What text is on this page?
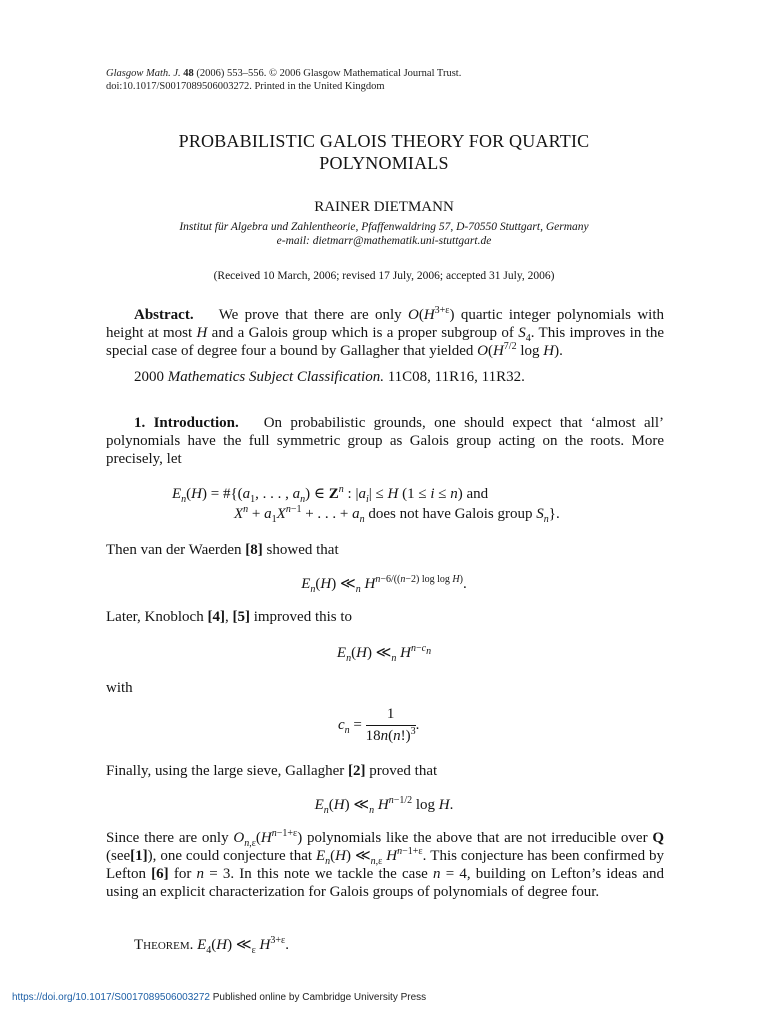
Glasgow Math. J. 48 (2006) 553–556. © 2006 Glasgow Mathematical Journal Trust.
doi:10.1017/S0017089506003272. Printed in the United Kingdom
PROBABILISTIC GALOIS THEORY FOR QUARTIC
POLYNOMIALS
RAINER DIETMANN
Institut für Algebra und Zahlentheorie, Pfaffenwaldring 57, D-70550 Stuttgart, Germany
e-mail: dietmarr@mathematik.uni-stuttgart.de
(Received 10 March, 2006; revised 17 July, 2006; accepted 31 July, 2006)
Abstract. We prove that there are only $O(H^{3+\varepsilon})$ quartic integer polynomials with height at most H and a Galois group which is a proper subgroup of $S_4$. This improves in the special case of degree four a bound by Gallagher that yielded $O(H^{7/2}$ log H).
2000 Mathematics Subject Classification. 11C08, 11R16, 11R32.
1. Introduction. On probabilistic grounds, one should expect that ‘almost all’ polynomials have the full symmetric group as Galois group acting on the roots. More precisely, let
$E_n(H)$ = $\#\{(a_1$, . . . , $a_n$) ∈ $Z^n$ : $|a_i| \le H$ (1 ≤ i ≤ n) and
$X^n + a_1X^{n-1}$ + . . . + $a_n$ does not have Galois group $S_n$}.
Then van der Waerden [8] showed that
$E_n(H)$ $≪_n$ $H^{n-6/((n-2) log log H)}$.
Later, Knobloch [4], [5] improved this to
$E_n(H)$ $≪_n$ $H^{n-c_n}$
with
$c_n = \frac{1}{18n(n!)^3}$ .
Finally, using the large sieve, Gallagher [2] proved that
$E_n(H)$ $≪_n$ $H^{n-1/2}$ log H.
Since there are only $O_{n,\varepsilon}(H^{n-1+\varepsilon})$ polynomials like the above that are not irreducible over Q (see[1]), one could conjecture that $E_n(H)$ $≪_{n,\varepsilon}$ $H^{n-1+\varepsilon}$. This conjecture has been confirmed by Lefton [6] for n = 3. In this note we tackle the case n = 4, building on Lefton’s ideas and using an explicit characterization for Galois groups of polynomials of degree four.
Theorem. $E_4(H)$ $≪_\varepsilon$ $H^{3+\varepsilon}$.
https://doi.org/10.1017/S0017089506003272 Published online by Cambridge University Press
